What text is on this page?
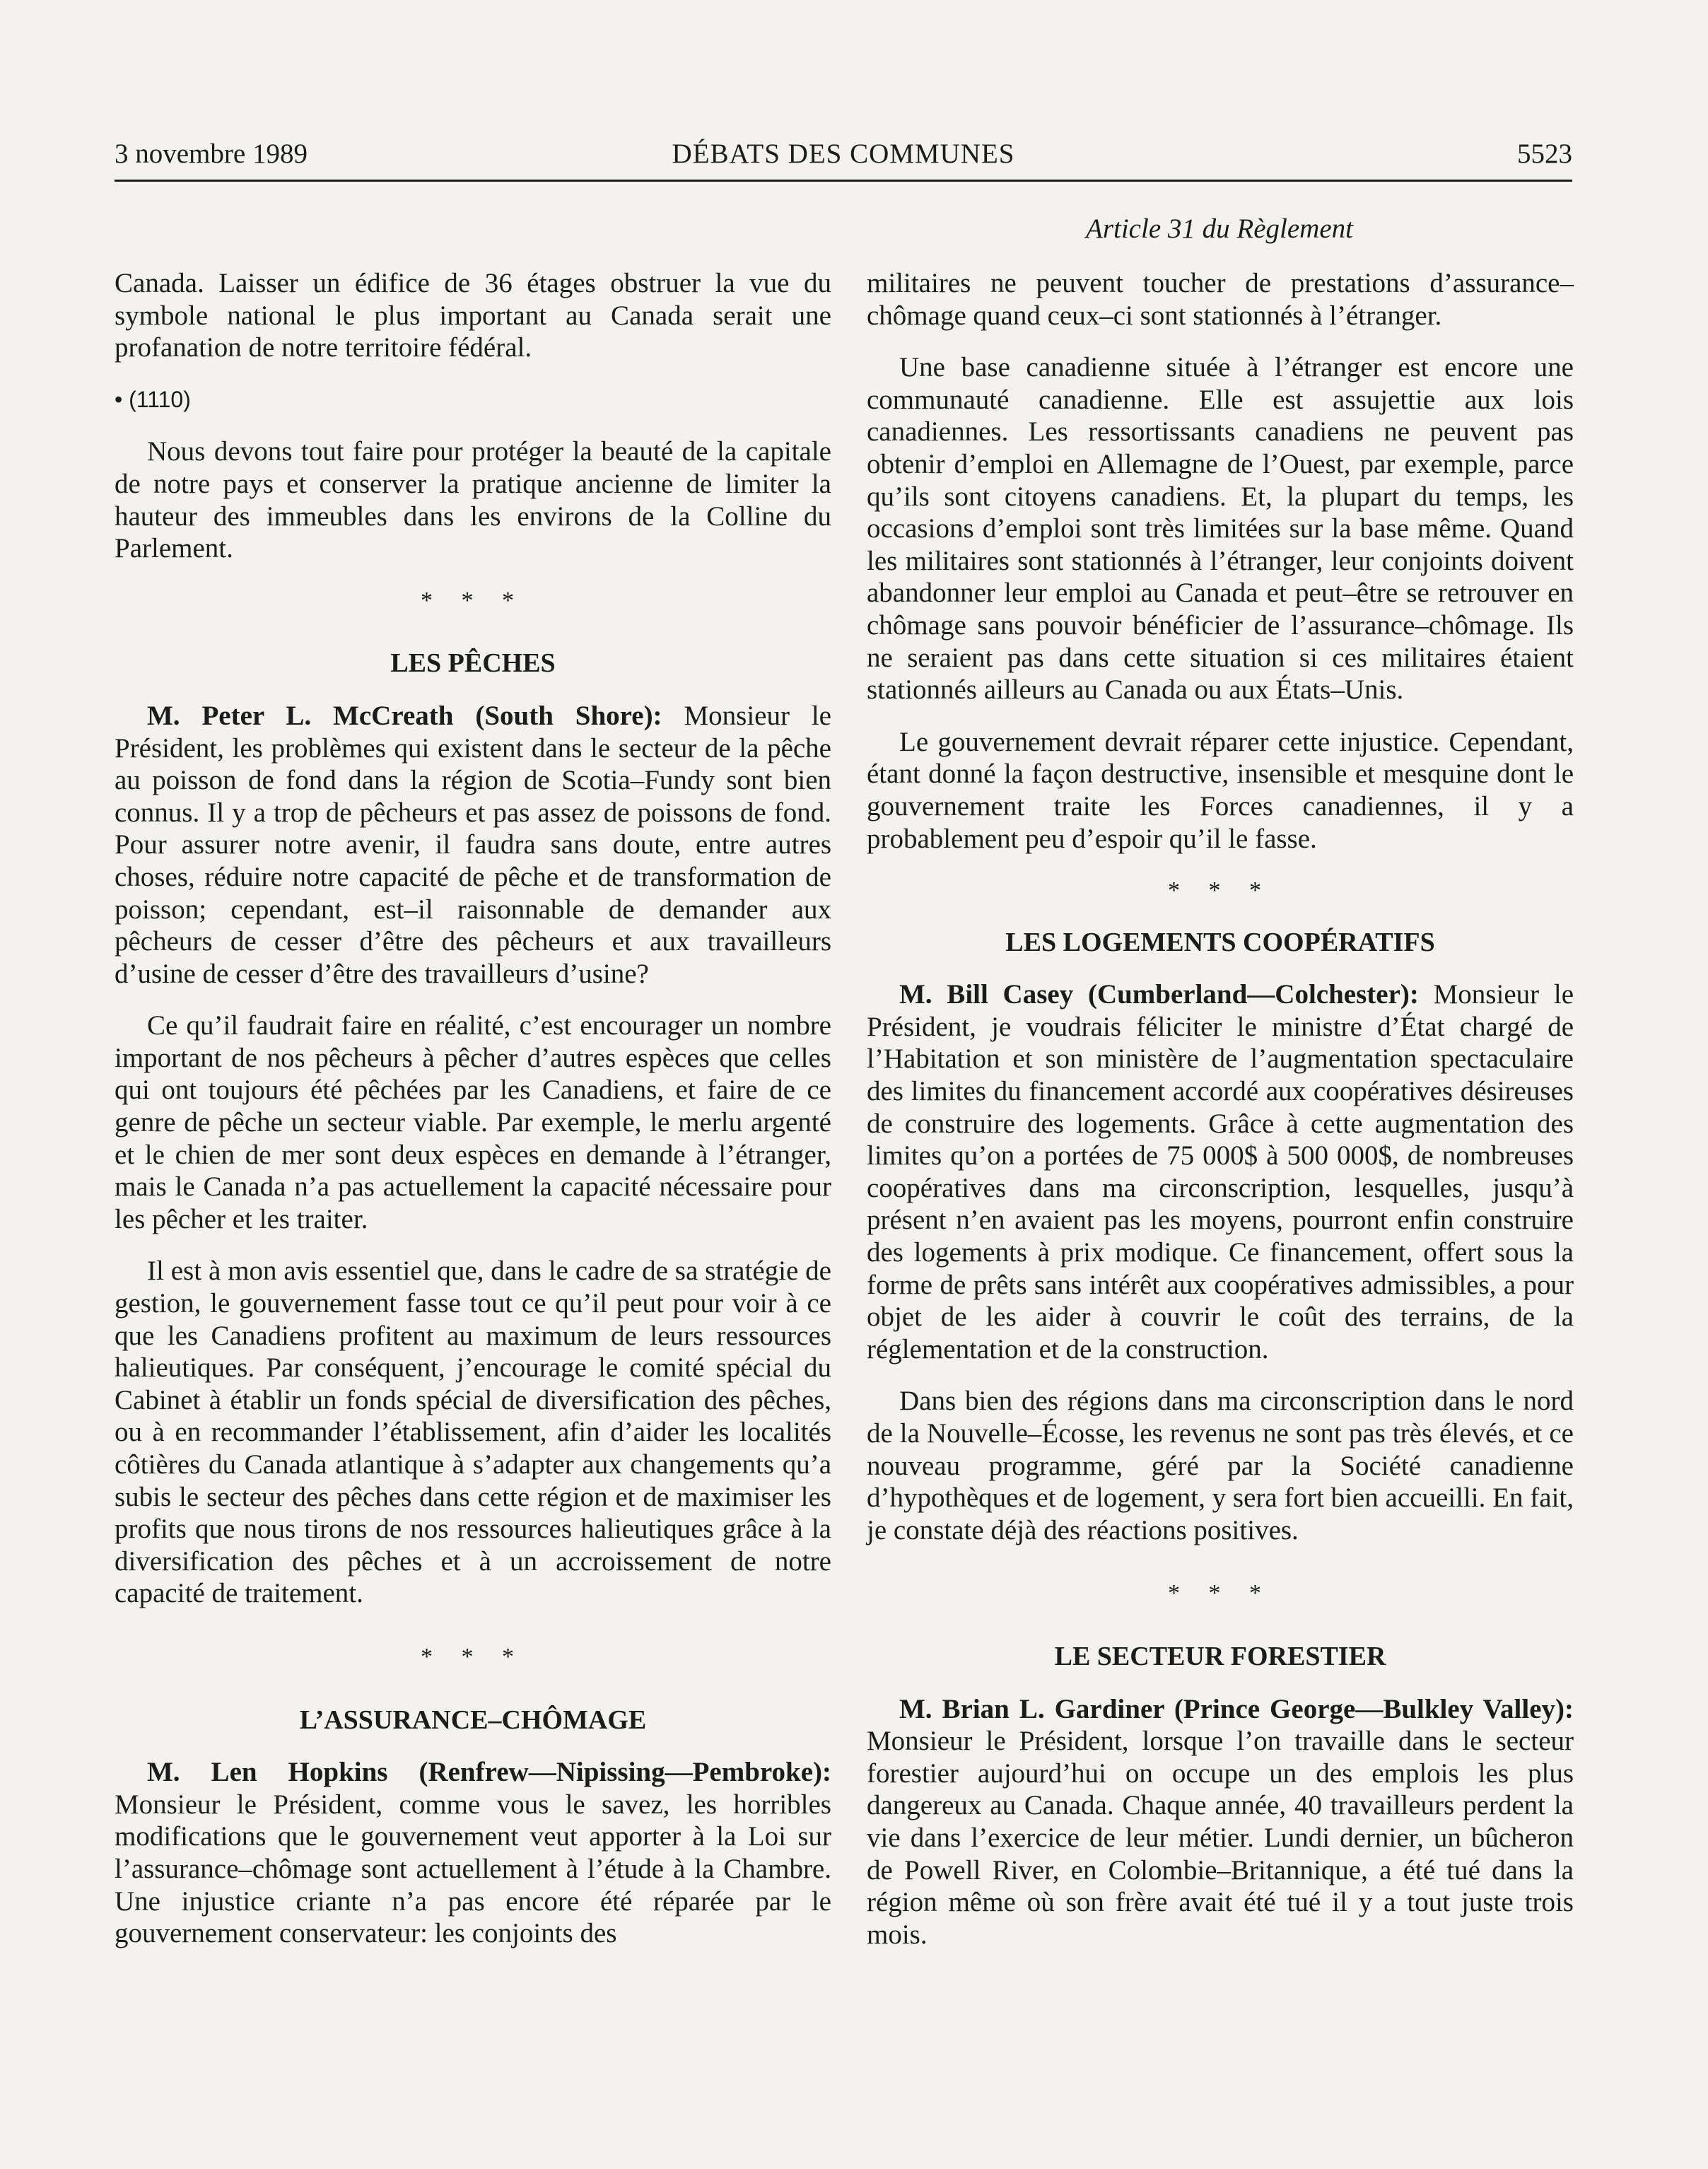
3 novembre 1989	DÉBATS DES COMMUNES	5523
Article 31 du Règlement

Canada. Laisser un édifice de 36 étages obstruer la vue du symbole national le plus important au Canada serait une profanation de notre territoire fédéral.

• (1110)

Nous devons tout faire pour protéger la beauté de la capitale de notre pays et conserver la pratique ancienne de limiter la hauteur des immeubles dans les environs de la Colline du Parlement.

* * *

LES PÊCHES

M. Peter L. McCreath (South Shore): Monsieur le Président, les problèmes qui existent dans le secteur de la pêche au poisson de fond dans la région de Scotia–Fundy sont bien connus. Il y a trop de pêcheurs et pas assez de poissons de fond. Pour assurer notre avenir, il faudra sans doute, entre autres choses, réduire notre capacité de pêche et de transformation de poisson; cependant, est–il raisonnable de demander aux pêcheurs de cesser d’être des pêcheurs et aux travailleurs d’usine de cesser d’être des travailleurs d’usine?

Ce qu’il faudrait faire en réalité, c’est encourager un nombre important de nos pêcheurs à pêcher d’autres espèces que celles qui ont toujours été pêchées par les Canadiens, et faire de ce genre de pêche un secteur viable. Par exemple, le merlu argenté et le chien de mer sont deux espèces en demande à l’étranger, mais le Canada n’a pas actuellement la capacité nécessaire pour les pêcher et les traiter.

Il est à mon avis essentiel que, dans le cadre de sa stratégie de gestion, le gouvernement fasse tout ce qu’il peut pour voir à ce que les Canadiens profitent au maximum de leurs ressources halieutiques. Par conséquent, j’encourage le comité spécial du Cabinet à établir un fonds spécial de diversification des pêches, ou à en recommander l’établissement, afin d’aider les localités côtières du Canada atlantique à s’adapter aux changements qu’a subis le secteur des pêches dans cette région et de maximiser les profits que nous tirons de nos ressources halieutiques grâce à la diversification des pêches et à un accroissement de notre capacité de traitement.

* * *

L’ASSURANCE–CHÔMAGE

M. Len Hopkins (Renfrew—Nipissing—Pembroke): Monsieur le Président, comme vous le savez, les horribles modifications que le gouvernement veut apporter à la Loi sur l’assurance–chômage sont actuellement à l’étude à la Chambre. Une injustice criante n’a pas encore été réparée par le gouvernement conservateur: les conjoints des

militaires ne peuvent toucher de prestations d’assurance–chômage quand ceux–ci sont stationnés à l’étranger.

Une base canadienne située à l’étranger est encore une communauté canadienne. Elle est assujettie aux lois canadiennes. Les ressortissants canadiens ne peuvent pas obtenir d’emploi en Allemagne de l’Ouest, par exemple, parce qu’ils sont citoyens canadiens. Et, la plupart du temps, les occasions d’emploi sont très limitées sur la base même. Quand les militaires sont stationnés à l’étranger, leur conjoints doivent abandonner leur emploi au Canada et peut–être se retrouver en chômage sans pouvoir bénéficier de l’assurance–chômage. Ils ne seraient pas dans cette situation si ces militaires étaient stationnés ailleurs au Canada ou aux États–Unis.

Le gouvernement devrait réparer cette injustice. Cependant, étant donné la façon destructive, insensible et mesquine dont le gouvernement traite les Forces canadiennes, il y a probablement peu d’espoir qu’il le fasse.

* * *

LES LOGEMENTS COOPÉRATIFS

M. Bill Casey (Cumberland—Colchester): Monsieur le Président, je voudrais féliciter le ministre d’État chargé de l’Habitation et son ministère de l’augmentation spectaculaire des limites du financement accordé aux coopératives désireuses de construire des logements. Grâce à cette augmentation des limites qu’on a portées de 75 000$ à 500 000$, de nombreuses coopératives dans ma circonscription, lesquelles, jusqu’à présent n’en avaient pas les moyens, pourront enfin construire des logements à prix modique. Ce financement, offert sous la forme de prêts sans intérêt aux coopératives admissibles, a pour objet de les aider à couvrir le coût des terrains, de la réglementation et de la construction.

Dans bien des régions dans ma circonscription dans le nord de la Nouvelle–Écosse, les revenus ne sont pas très élevés, et ce nouveau programme, géré par la Société canadienne d’hypothèques et de logement, y sera fort bien accueilli. En fait, je constate déjà des réactions positives.

* * *

LE SECTEUR FORESTIER

M. Brian L. Gardiner (Prince George—Bulkley Valley): Monsieur le Président, lorsque l’on travaille dans le secteur forestier aujourd’hui on occupe un des emplois les plus dangereux au Canada. Chaque année, 40 travailleurs perdent la vie dans l’exercice de leur métier. Lundi dernier, un bûcheron de Powell River, en Colombie–Britannique, a été tué dans la région même où son frère avait été tué il y a tout juste trois mois.
